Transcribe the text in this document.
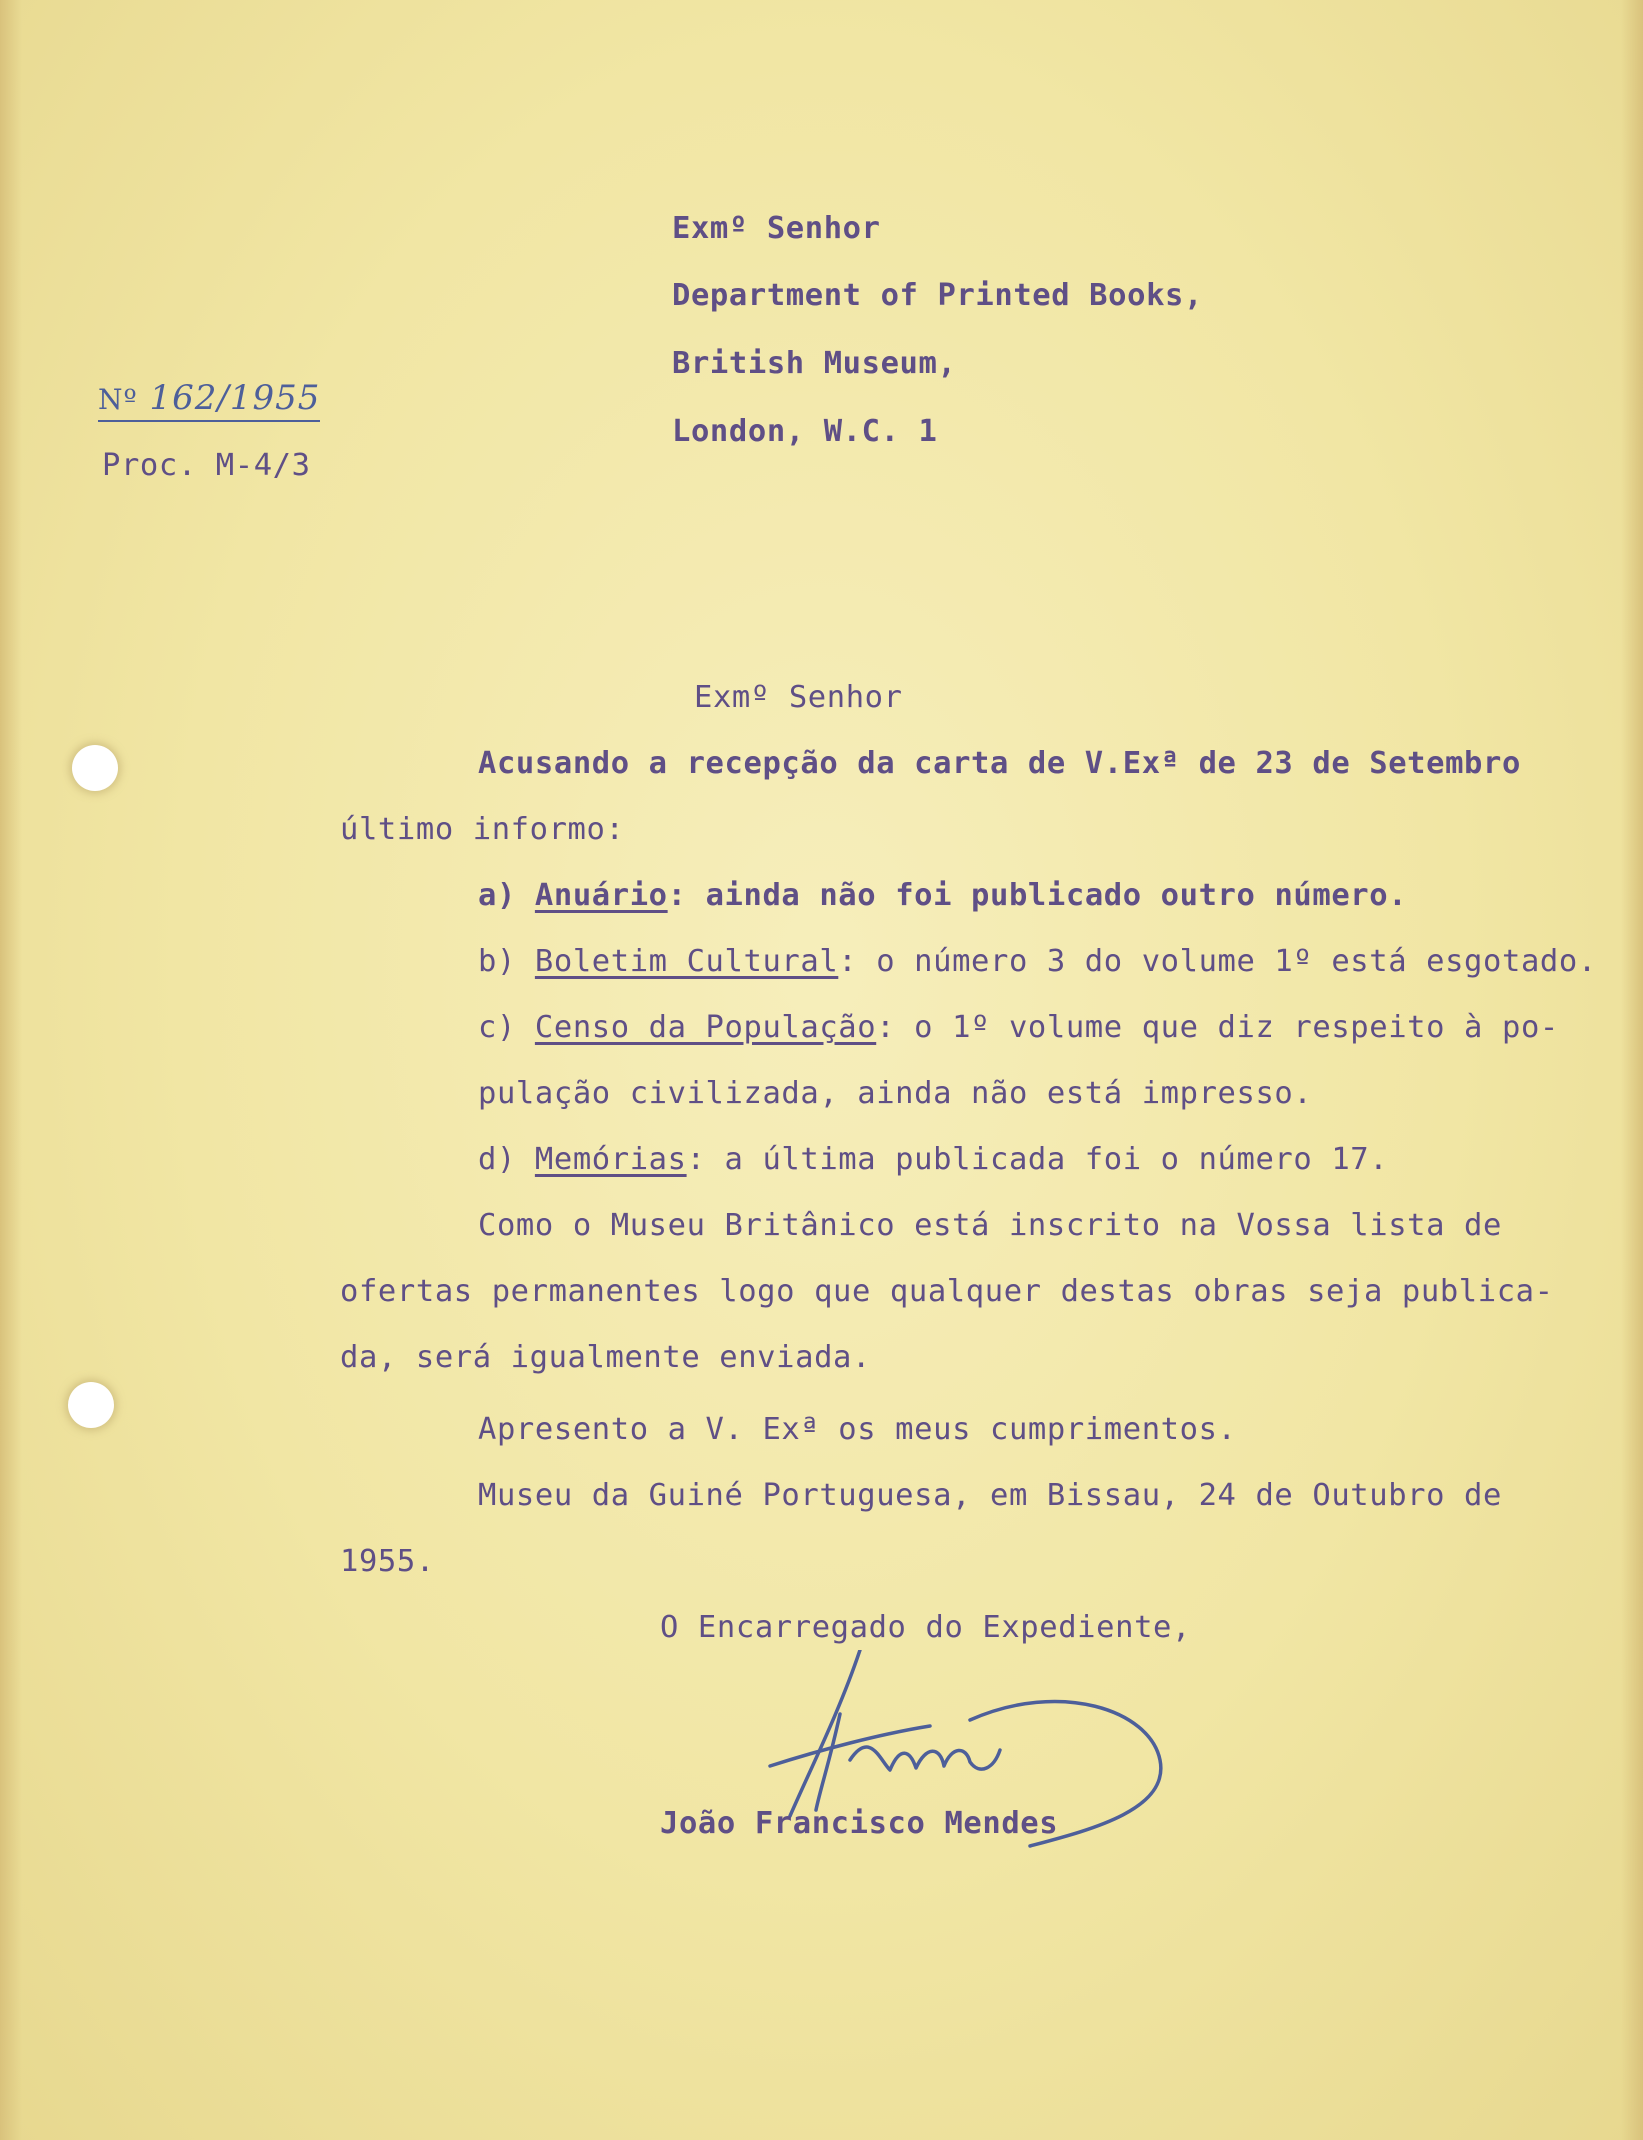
Exmº Senhor
Department of Printed Books,
British Museum,
London, W.C. 1
Nº 162/1955
Proc. M-4/3
Exmº Senhor
Acusando a recepção da carta de V.Exª de 23 de Setembro
último informo:
a) Anuário: ainda não foi publicado outro número.
b) Boletim Cultural: o número 3 do volume 1º está esgotado.
c) Censo da População: o 1º volume que diz respeito à po-
pulação civilizada, ainda não está impresso.
d) Memórias: a última publicada foi o número 17.
Como o Museu Britânico está inscrito na Vossa lista de
ofertas permanentes logo que qualquer destas obras seja publica-
da, será igualmente enviada.
Apresento a V. Exª os meus cumprimentos.
Museu da Guiné Portuguesa, em Bissau, 24 de Outubro de
1955.
O Encarregado do Expediente,
João Francisco Mendes
